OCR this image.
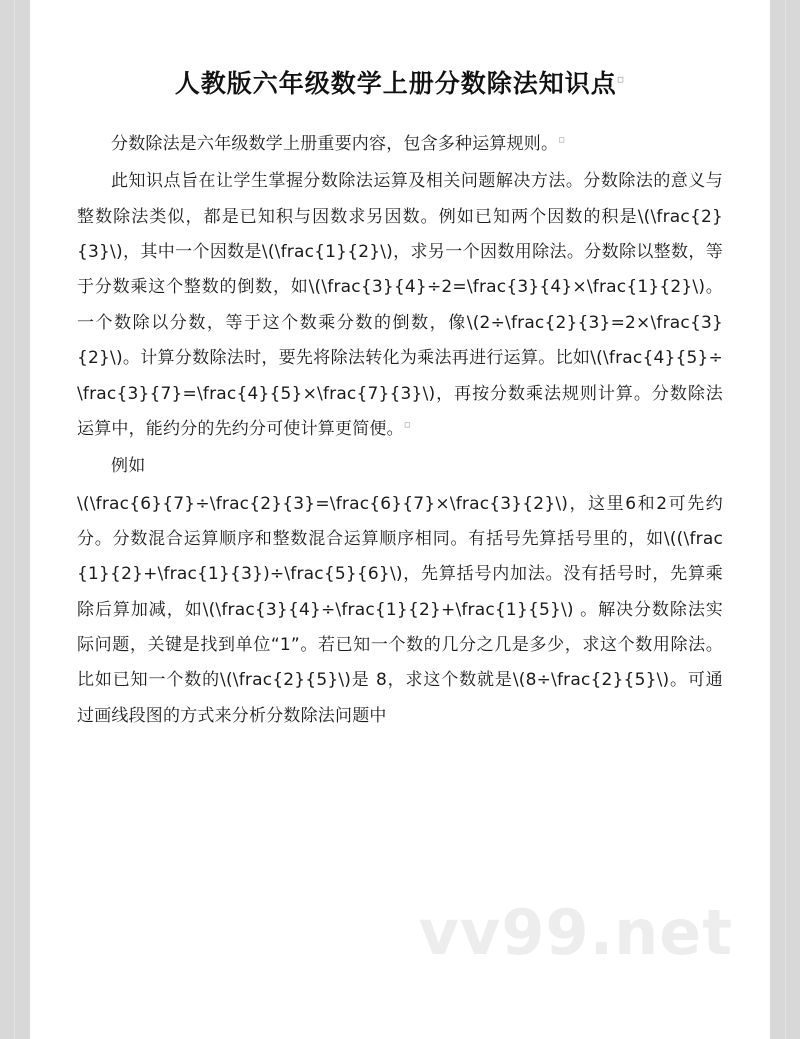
人教版六年级数学上册分数除法知识点▫

分数除法是六年级数学上册重要内容，包含多种运算规则。▫

此知识点旨在让学生掌握分数除法运算及相关问题解决方法。分数除法的意义与整数除法类似，都是已知积与因数求另因数。例如已知两个因数的积是\(\frac{2}{3}\)，其中一个因数是\(\frac{1}{2}\)，求另一个因数用除法。分数除以整数，等于分数乘这个整数的倒数，如\(\frac{3}{4}÷2=\frac{3}{4}×\frac{1}{2}\)。一个数除以分数，等于这个数乘分数的倒数，像\(2÷\frac{2}{3}=2×\frac{3}{2}\)。计算分数除法时，要先将除法转化为乘法再进行运算。比如\(\frac{4}{5}÷\frac{3}{7}=\frac{4}{5}×\frac{7}{3}\)，再按分数乘法规则计算。分数除法运算中，能约分的先约分可使计算更简便。▫

例如

\(\frac{6}{7}÷\frac{2}{3}=\frac{6}{7}×\frac{3}{2}\)，这里6和2可先约分。分数混合运算顺序和整数混合运算顺序相同。有括号先算括号里的，如\((\frac{1}{2}+\frac{1}{3})÷\frac{5}{6}\)，先算括号内加法。没有括号时，先算乘除后算加减，如\(\frac{3}{4}÷\frac{1}{2}+\frac{1}{5}\) 。解决分数除法实际问题，关键是找到单位“1”。若已知一个数的几分之几是多少，求这个数用除法。比如已知一个数的\(\frac{2}{5}\)是 8，求这个数就是\(8÷\frac{2}{5}\)。可通过画线段图的方式来分析分数除法问题中

vv99.net
